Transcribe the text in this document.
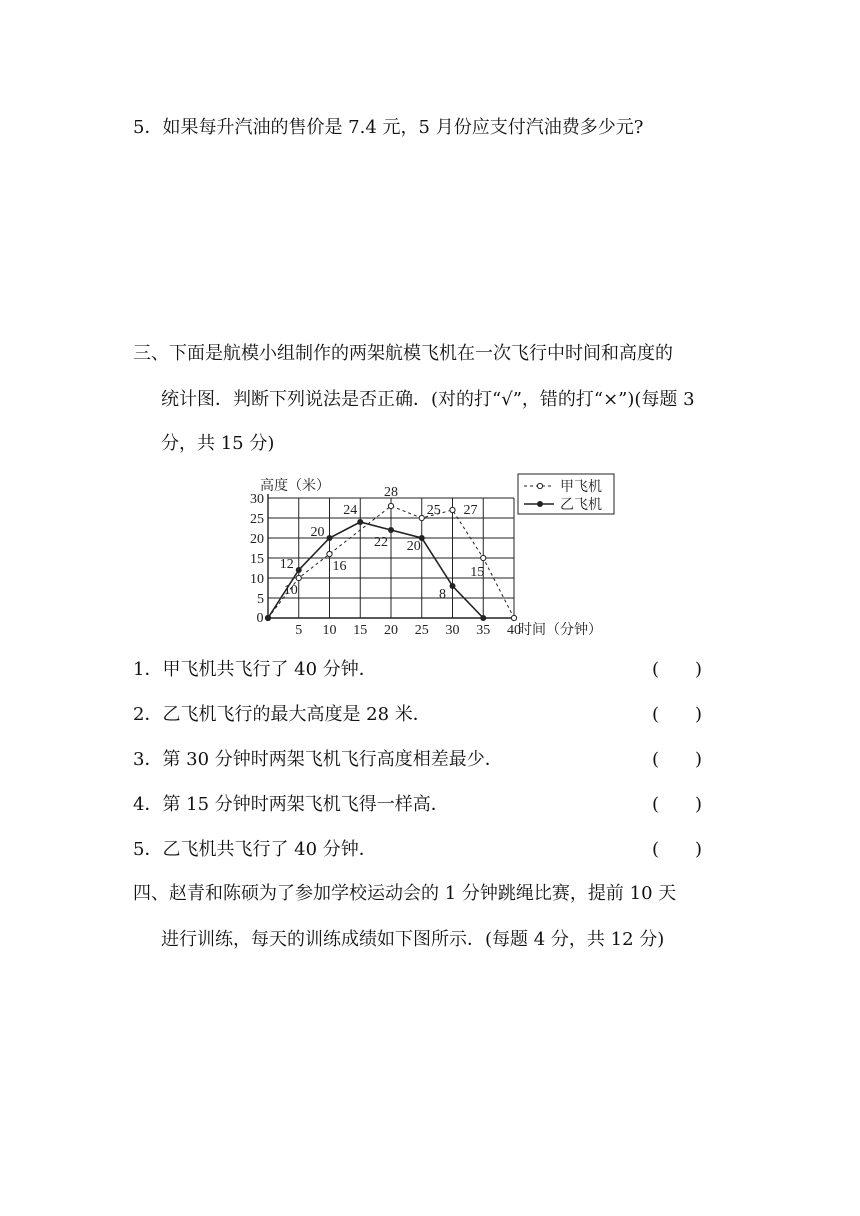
5．如果每升汽油的售价是 7.4 元，5 月份应支付汽油费多少元?
三、下面是航模小组制作的两架航模飞机在一次飞行中时间和高度的
统计图．判断下列说法是否正确．(对的打“√”，错的打“×”)(每题 3
分，共 15 分)
0
5 10 15 20 25 30 35 40
5
10
15
20
25
30
高度（米）
时间（分钟）
10
16
28
25 27
15
12
20
24
22 20
8
甲飞机
乙飞机
1．甲飞机共飞行了 40 分钟．	(　　)
2．乙飞机飞行的最大高度是 28 米．	(　　)
3．第 30 分钟时两架飞机飞行高度相差最少．	(　　)
4．第 15 分钟时两架飞机飞得一样高．	(　　)
5．乙飞机共飞行了 40 分钟．	(　　)
四、赵青和陈硕为了参加学校运动会的 1 分钟跳绳比赛，提前 10 天
进行训练，每天的训练成绩如下图所示．(每题 4 分，共 12 分)
